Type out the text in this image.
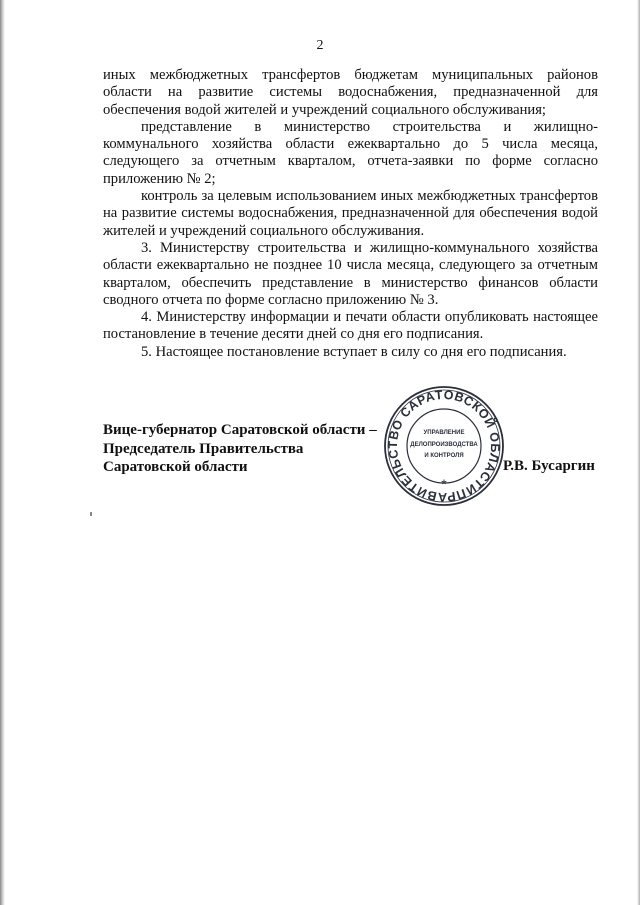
2

иных межбюджетных трансфертов бюджетам муниципальных районов области на развитие системы водоснабжения, предназначенной для обеспечения водой жителей и учреждений социального обслуживания;

представление в министерство строительства и жилищно-коммунального хозяйства области ежеквартально до 5 числа месяца, следующего за отчетным кварталом, отчета-заявки по форме согласно приложению № 2;

контроль за целевым использованием иных межбюджетных трансфертов на развитие системы водоснабжения, предназначенной для обеспечения водой жителей и учреждений социального обслуживания.

3. Министерству строительства и жилищно-коммунального хозяйства области ежеквартально не позднее 10 числа месяца, следующего за отчетным кварталом, обеспечить представление в министерство финансов области сводного отчета по форме согласно приложению № 3.

4. Министерству информации и печати области опубликовать настоящее постановление в течение десяти дней со дня его подписания.

5. Настоящее постановление вступает в силу со дня его подписания.

Вице-губернатор Саратовской области –
Председатель Правительства
Саратовской области
ПРАВИТЕЛЬСТВО САРАТОВСКОЙ ОБЛАСТИ
*
УПРАВЛЕНИЕ
ДЕЛОПРОИЗВОДСТВА
И КОНТРОЛЯ
Р.В. Бусаргин
